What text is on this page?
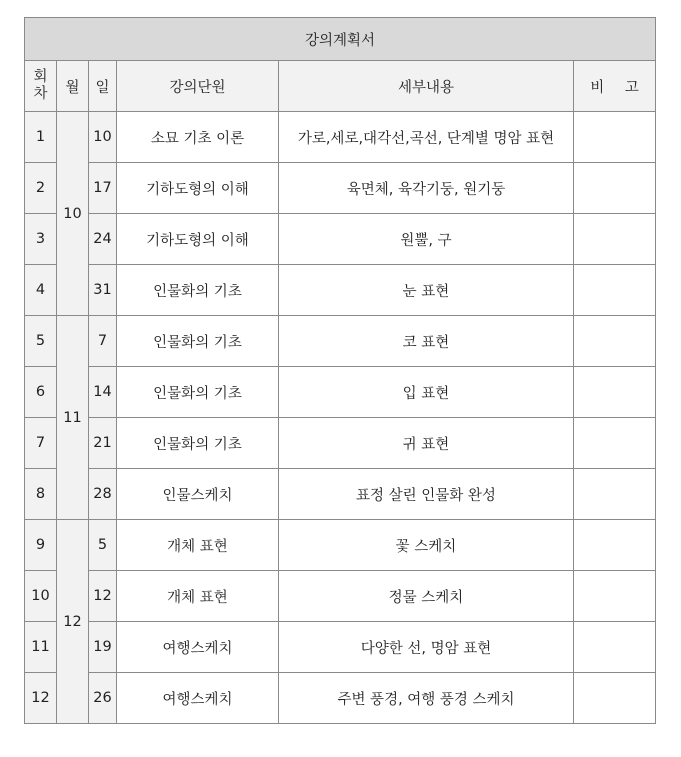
강의계획서					

회
차	월	일	강의단원	세부내용	비 고
1	10	10	소묘 기초 이론	가로,세로,대각선,곡선, 단계별 명암 표현	
2		17	기하도형의 이해	육면체, 육각기둥, 원기둥	
3		24	기하도형의 이해	원뿔, 구	
4		31	인물화의 기초	눈 표현	
5	11	7	인물화의 기초	코 표현	
6		14	인물화의 기초	입 표현	
7		21	인물화의 기초	귀 표현	
8		28	인물스케치	표정 살린 인물화 완성	
9	12	5	개체 표현	꽃 스케치	
10		12	개체 표현	정물 스케치	
11		19	여행스케치	다양한 선, 명암 표현	
12		26	여행스케치	주변 풍경, 여행 풍경 스케치	
